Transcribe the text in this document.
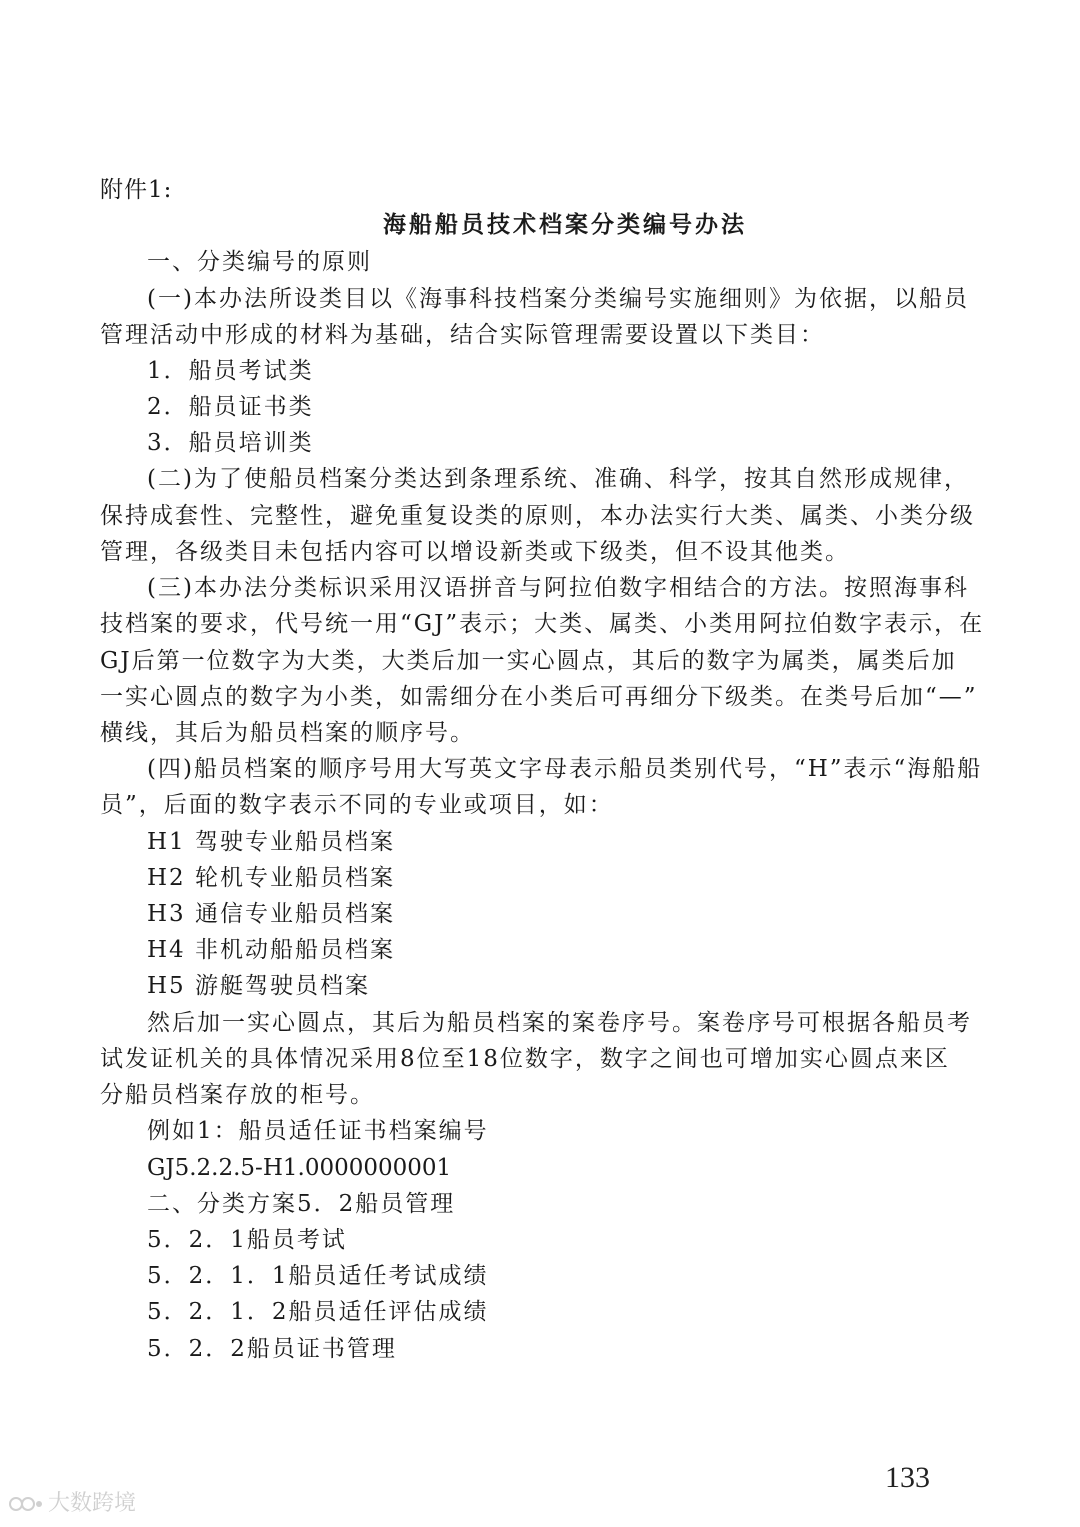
附件1:
海船船员技术档案分类编号办法
一、分类编号的原则
(一)本办法所设类目以《海事科技档案分类编号实施细则》为依据，以船员
管理活动中形成的材料为基础，结合实际管理需要设置以下类目：
1．船员考试类
2．船员证书类
3．船员培训类
(二)为了使船员档案分类达到条理系统、准确、科学，按其自然形成规律，
保持成套性、完整性，避免重复设类的原则，本办法实行大类、属类、小类分级
管理，各级类目未包括内容可以增设新类或下级类，但不设其他类。
(三)本办法分类标识采用汉语拼音与阿拉伯数字相结合的方法。按照海事科
技档案的要求，代号统一用“GJ”表示；大类、属类、小类用阿拉伯数字表示，在
GJ后第一位数字为大类，大类后加一实心圆点，其后的数字为属类，属类后加
一实心圆点的数字为小类，如需细分在小类后可再细分下级类。在类号后加“—”
横线，其后为船员档案的顺序号。
(四)船员档案的顺序号用大写英文字母表示船员类别代号，“H”表示“海船船
员”，后面的数字表示不同的专业或项目，如：
H1 驾驶专业船员档案
H2 轮机专业船员档案
H3 通信专业船员档案
H4 非机动船船员档案
H5 游艇驾驶员档案
然后加一实心圆点，其后为船员档案的案卷序号。案卷序号可根据各船员考
试发证机关的具体情况采用8位至18位数字，数字之间也可增加实心圆点来区
分船员档案存放的柜号。
例如1：船员适任证书档案编号
GJ5.2.2.5-H1.0000000001
二、分类方案5．2船员管理
5．2．1船员考试
5．2．1．1船员适任考试成绩
5．2．1．2船员适任评估成绩
5．2．2船员证书管理
133
大数跨境
